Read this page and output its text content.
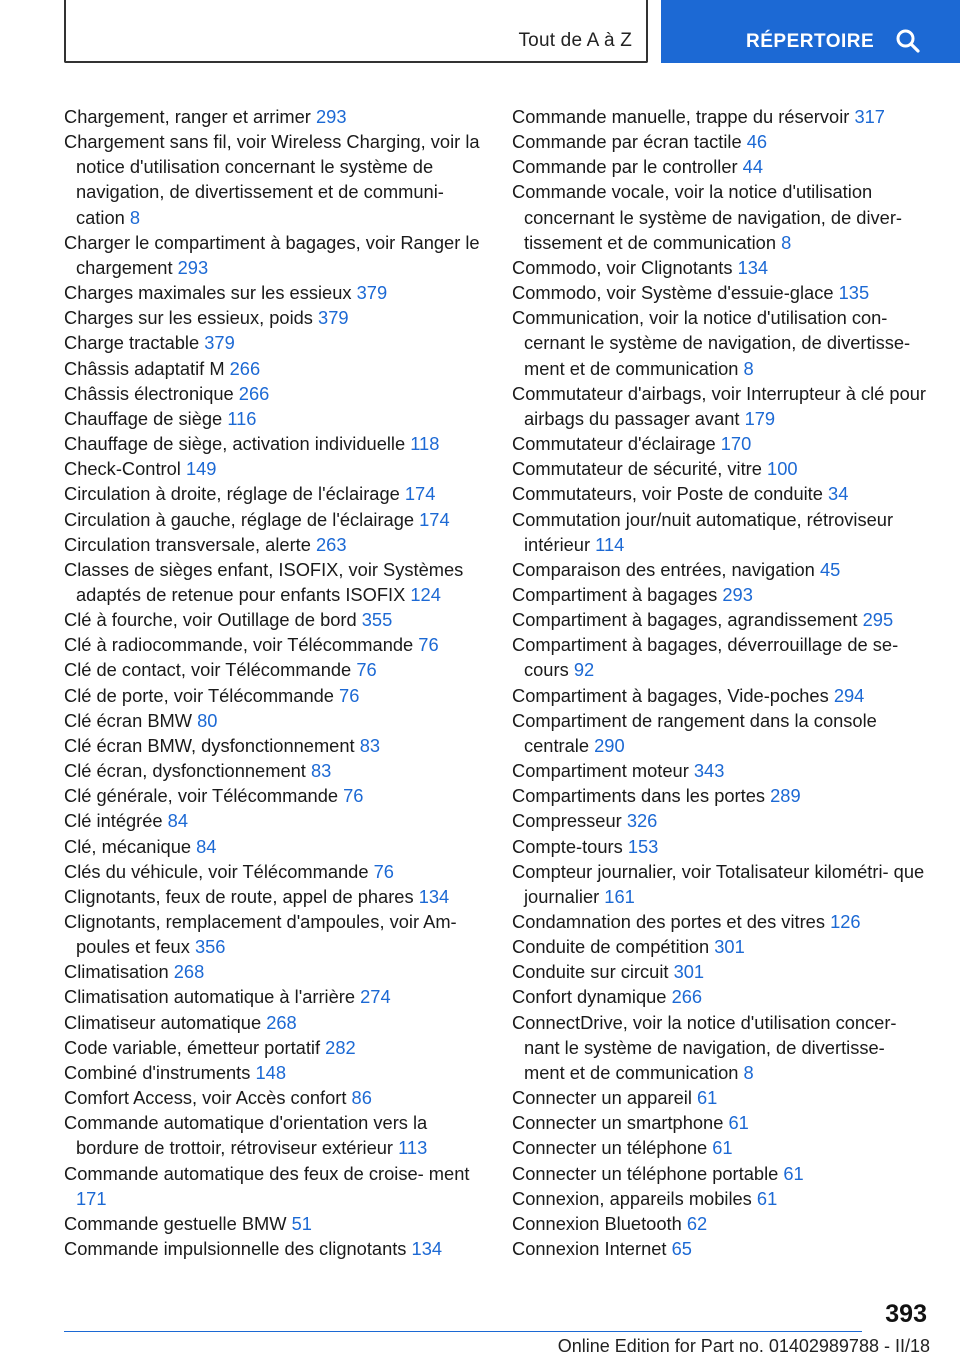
Tout de A à Z	RÉPERTOIRE

Chargement, ranger et arrimer 293

Chargement sans fil, voir Wireless Charging, voir la notice d'utilisation concernant le système de navigation, de divertissement et de communi- cation 8

Charger le compartiment à bagages, voir Ranger le chargement 293

Charges maximales sur les essieux 379

Charges sur les essieux, poids 379

Charge tractable 379

Châssis adaptatif M 266

Châssis électronique 266

Chauffage de siège 116

Chauffage de siège, activation individuelle 118

Check-Control 149

Circulation à droite, réglage de l'éclairage 174

Circulation à gauche, réglage de l'éclairage 174

Circulation transversale, alerte 263

Classes de sièges enfant, ISOFIX, voir Systèmes adaptés de retenue pour enfants ISOFIX 124

Clé à fourche, voir Outillage de bord 355

Clé à radiocommande, voir Télécommande 76

Clé de contact, voir Télécommande 76

Clé de porte, voir Télécommande 76

Clé écran BMW 80

Clé écran BMW, dysfonctionnement 83

Clé écran, dysfonctionnement 83

Clé générale, voir Télécommande 76

Clé intégrée 84

Clé, mécanique 84

Clés du véhicule, voir Télécommande 76

Clignotants, feux de route, appel de phares 134

Clignotants, remplacement d'ampoules, voir Am- poules et feux 356

Climatisation 268

Climatisation automatique à l'arrière 274

Climatiseur automatique 268

Code variable, émetteur portatif 282

Combiné d'instruments 148

Comfort Access, voir Accès confort 86

Commande automatique d'orientation vers la bordure de trottoir, rétroviseur extérieur 113

Commande automatique des feux de croise- ment 171

Commande gestuelle BMW 51

Commande impulsionnelle des clignotants 134

Commande manuelle, trappe du réservoir 317

Commande par écran tactile 46

Commande par le controller 44

Commande vocale, voir la notice d'utilisation concernant le système de navigation, de diver- tissement et de communication 8

Commodo, voir Clignotants 134

Commodo, voir Système d'essuie-glace 135

Communication, voir la notice d'utilisation con- cernant le système de navigation, de divertisse- ment et de communication 8

Commutateur d'airbags, voir Interrupteur à clé pour airbags du passager avant 179

Commutateur d'éclairage 170

Commutateur de sécurité, vitre 100

Commutateurs, voir Poste de conduite 34

Commutation jour/nuit automatique, rétroviseur intérieur 114

Comparaison des entrées, navigation 45

Compartiment à bagages 293

Compartiment à bagages, agrandissement 295

Compartiment à bagages, déverrouillage de se- cours 92

Compartiment à bagages, Vide-poches 294

Compartiment de rangement dans la console centrale 290

Compartiment moteur 343

Compartiments dans les portes 289

Compresseur 326

Compte-tours 153

Compteur journalier, voir Totalisateur kilométri- que journalier 161

Condamnation des portes et des vitres 126

Conduite de compétition 301

Conduite sur circuit 301

Confort dynamique 266

ConnectDrive, voir la notice d'utilisation concer- nant le système de navigation, de divertisse- ment et de communication 8

Connecter un appareil 61

Connecter un smartphone 61

Connecter un téléphone 61

Connecter un téléphone portable 61

Connexion, appareils mobiles 61

Connexion Bluetooth 62

Connexion Internet 65

393
Online Edition for Part no. 01402989788 - II/18
